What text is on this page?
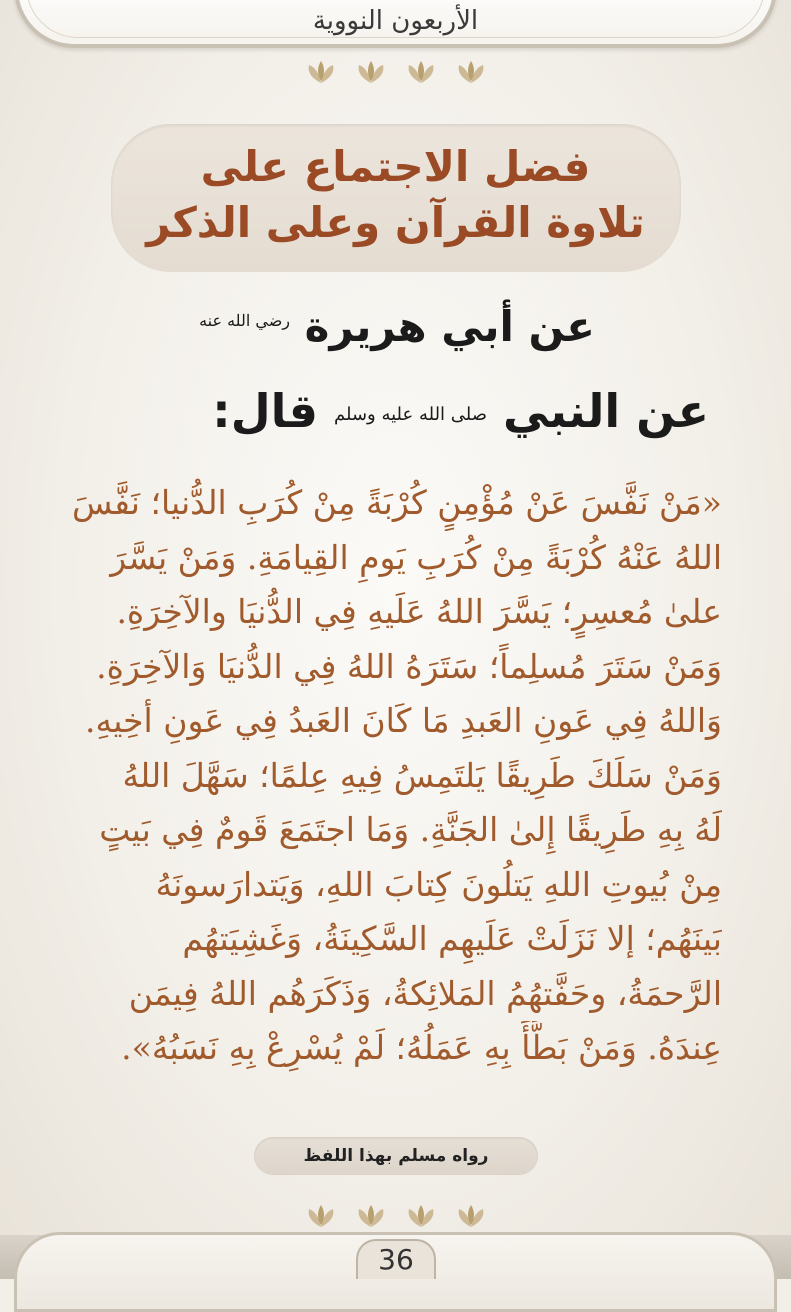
الأربعون النووية
فضل الاجتماع على
تلاوة القرآن وعلى الذكر
عن أبي هريرة $^{رضي الله عنه}$
عن النبي صلى الله عليه وسلم قال:
«مَنْ نَفَّسَ عَنْ مُؤْمِنٍ كُرْبَةً مِنْ كُرَبِ الدُّنيا؛ نَفَّسَ
اللهُ عَنْهُ كُرْبَةً مِنْ كُرَبِ يَومِ القِيامَةِ. وَمَنْ يَسَّرَ
علىٰ مُعسِرٍ؛ يَسَّرَ اللهُ عَلَيهِ فِي الدُّنيَا والآخِرَةِ.
وَمَنْ سَتَرَ مُسلِماً؛ سَتَرَهُ اللهُ فِي الدُّنيَا وَالآخِرَةِ.
وَاللهُ فِي عَونِ العَبدِ مَا كَانَ العَبدُ فِي عَونِ أخِيهِ.
وَمَنْ سَلَكَ طَرِيقًا يَلتَمِسُ فِيهِ عِلمًا؛ سَهَّلَ اللهُ
لَهُ بِهِ طَرِيقًا إِلىٰ الجَنَّةِ. وَمَا اجتَمَعَ قَومٌ فِي بَيتٍ
مِنْ بُيوتِ اللهِ يَتلُونَ كِتابَ اللهِ، وَيَتدارَسونَهُ
بَينَهُم؛ إلا نَزَلَتْ عَلَيهِم السَّكِينَةُ، وَغَشِيَتهُم
الرَّحمَةُ، وحَفَّتهُمُ المَلائِكةُ، وَذَكَرَهُم اللهُ فِيمَن
عِندَهُ. وَمَنْ بَطَّأَ بِهِ عَمَلُهُ؛ لَمْ يُسْرِعْ بِهِ نَسَبُهُ».
رواه مسلم بهذا اللفظ
36
